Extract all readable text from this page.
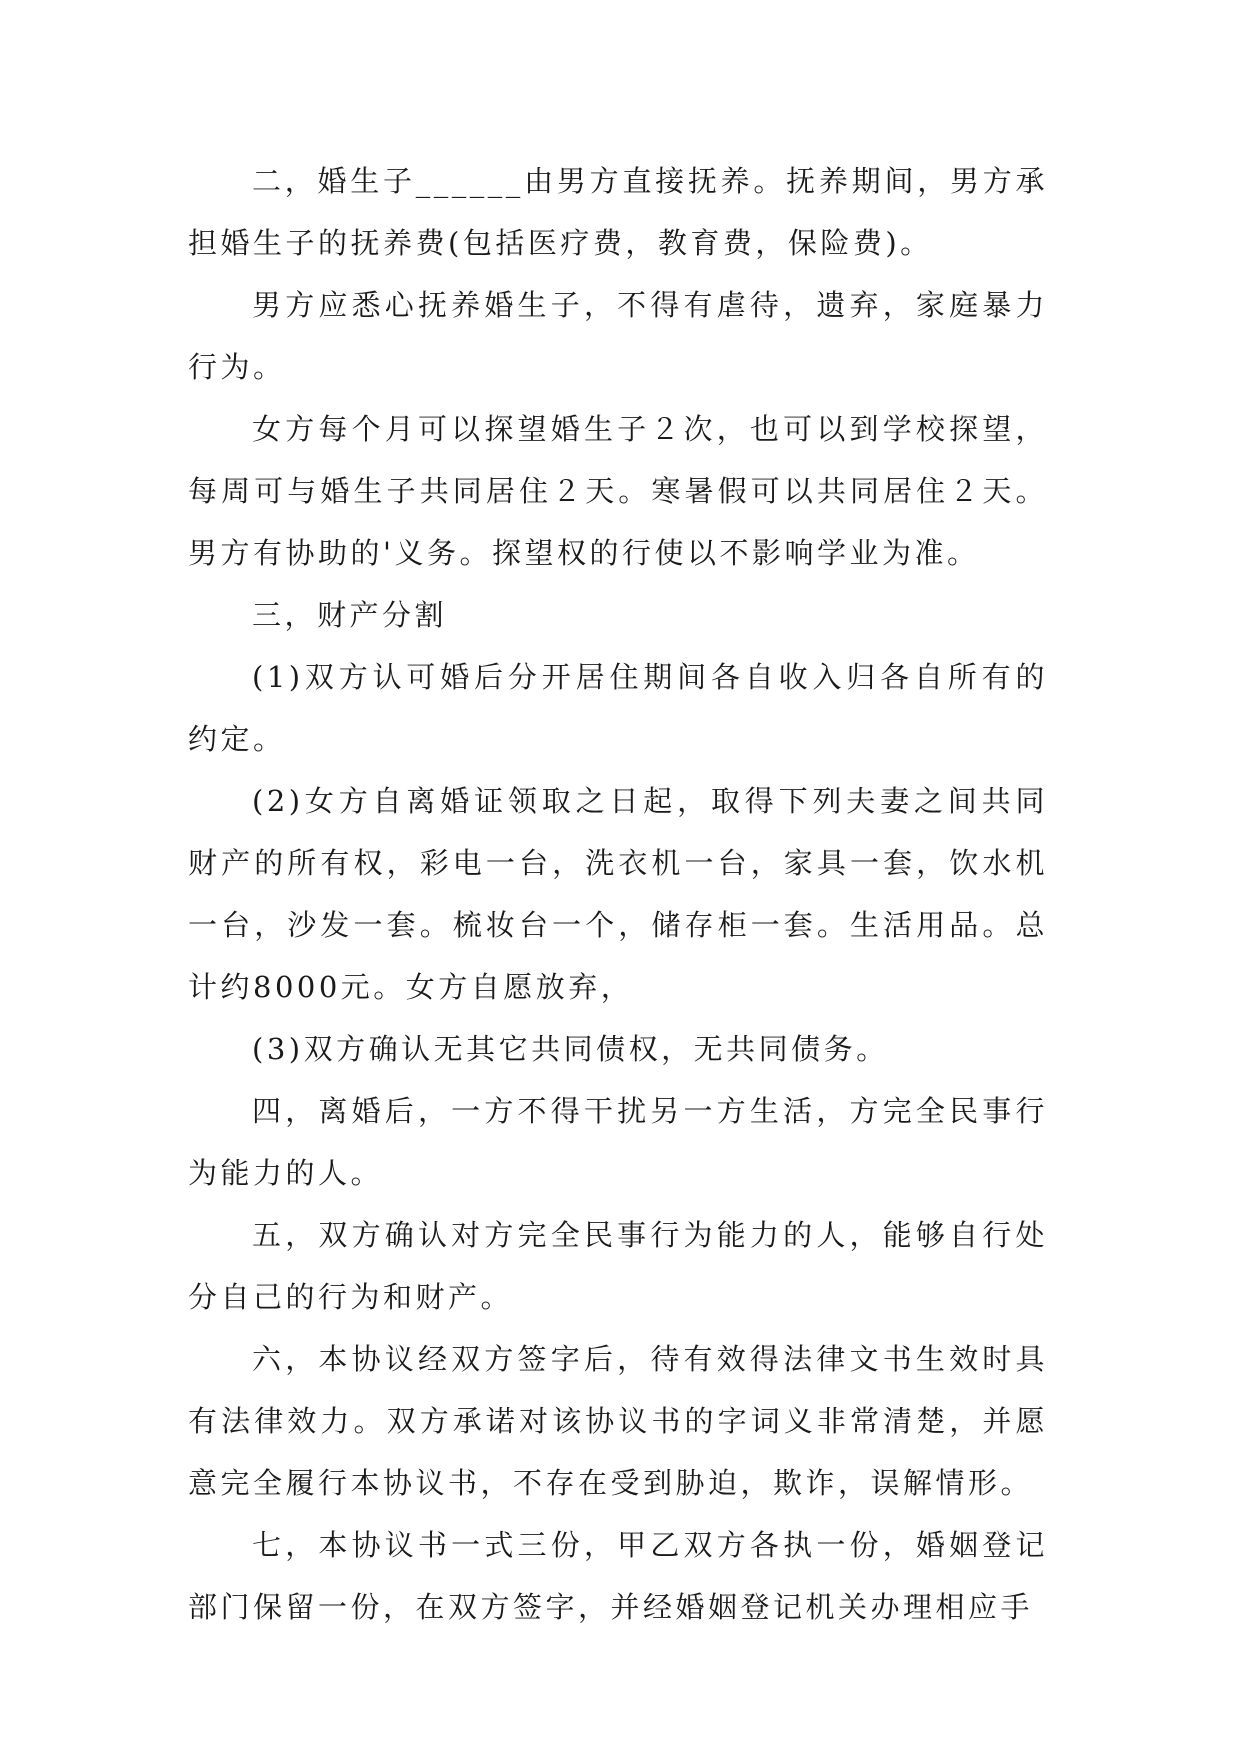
二，婚生子______由男方直接抚养。抚养期间，男方承担婚生子的抚养费(包括医疗费，教育费，保险费)。

男方应悉心抚养婚生子，不得有虐待，遗弃，家庭暴力行为。

女方每个月可以探望婚生子２次，也可以到学校探望，每周可与婚生子共同居住２天。寒暑假可以共同居住２天。男方有协助的'义务。探望权的行使以不影响学业为准。

三，财产分割

(1)双方认可婚后分开居住期间各自收入归各自所有的约定。

(2)女方自离婚证领取之日起，取得下列夫妻之间共同财产的所有权，彩电一台，洗衣机一台，家具一套，饮水机一台，沙发一套。梳妆台一个，储存柜一套。生活用品。总计约8000元。女方自愿放弃，

(3)双方确认无其它共同债权，无共同债务。

四，离婚后，一方不得干扰另一方生活，方完全民事行为能力的人。

五，双方确认对方完全民事行为能力的人，能够自行处分自己的行为和财产。

六，本协议经双方签字后，待有效得法律文书生效时具有法律效力。双方承诺对该协议书的字词义非常清楚，并愿意完全履行本协议书，不存在受到胁迫，欺诈，误解情形。

七，本协议书一式三份，甲乙双方各执一份，婚姻登记部门保留一份，在双方签字，并经婚姻登记机关办理相应手
